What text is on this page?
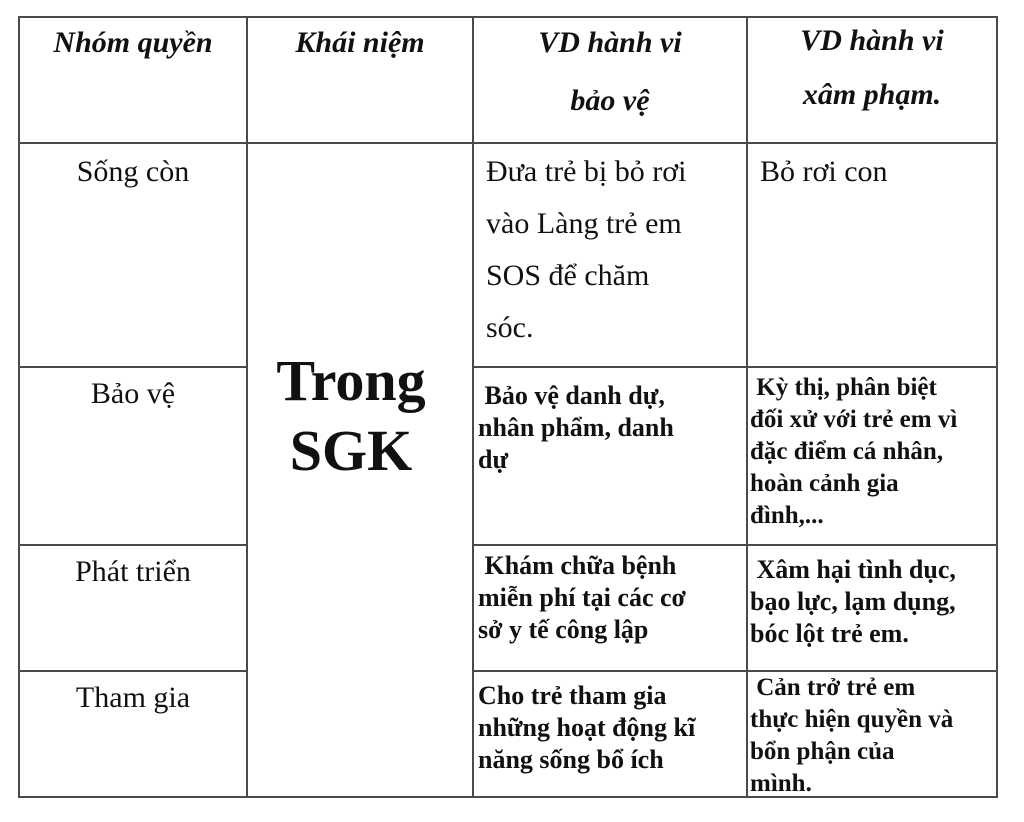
Nhóm quyền	Khái niệm	VD hành vi
bảo vệ
VD hành vi
xâm phạm.
Sống còn
Bảo vệ
Phát triển
Tham gia
Trong
SGK
Đưa trẻ bị bỏ rơi
vào Làng trẻ em
SOS để chăm
sóc.
Bỏ rơi con
Bảo vệ danh dự,
nhân phẩm, danh
dự
Kỳ thị, phân biệt
đối xử với trẻ em vì
đặc điểm cá nhân,
hoàn cảnh gia
đình,...
Khám chữa bệnh
miễn phí tại các cơ
sở y tế công lập
Xâm hại tình dục,
bạo lực, lạm dụng,
bóc lột trẻ em.
Cho trẻ tham gia
những hoạt động kĩ
năng sống bổ ích
Cản trở trẻ em
thực hiện quyền và
bổn phận của
mình.
